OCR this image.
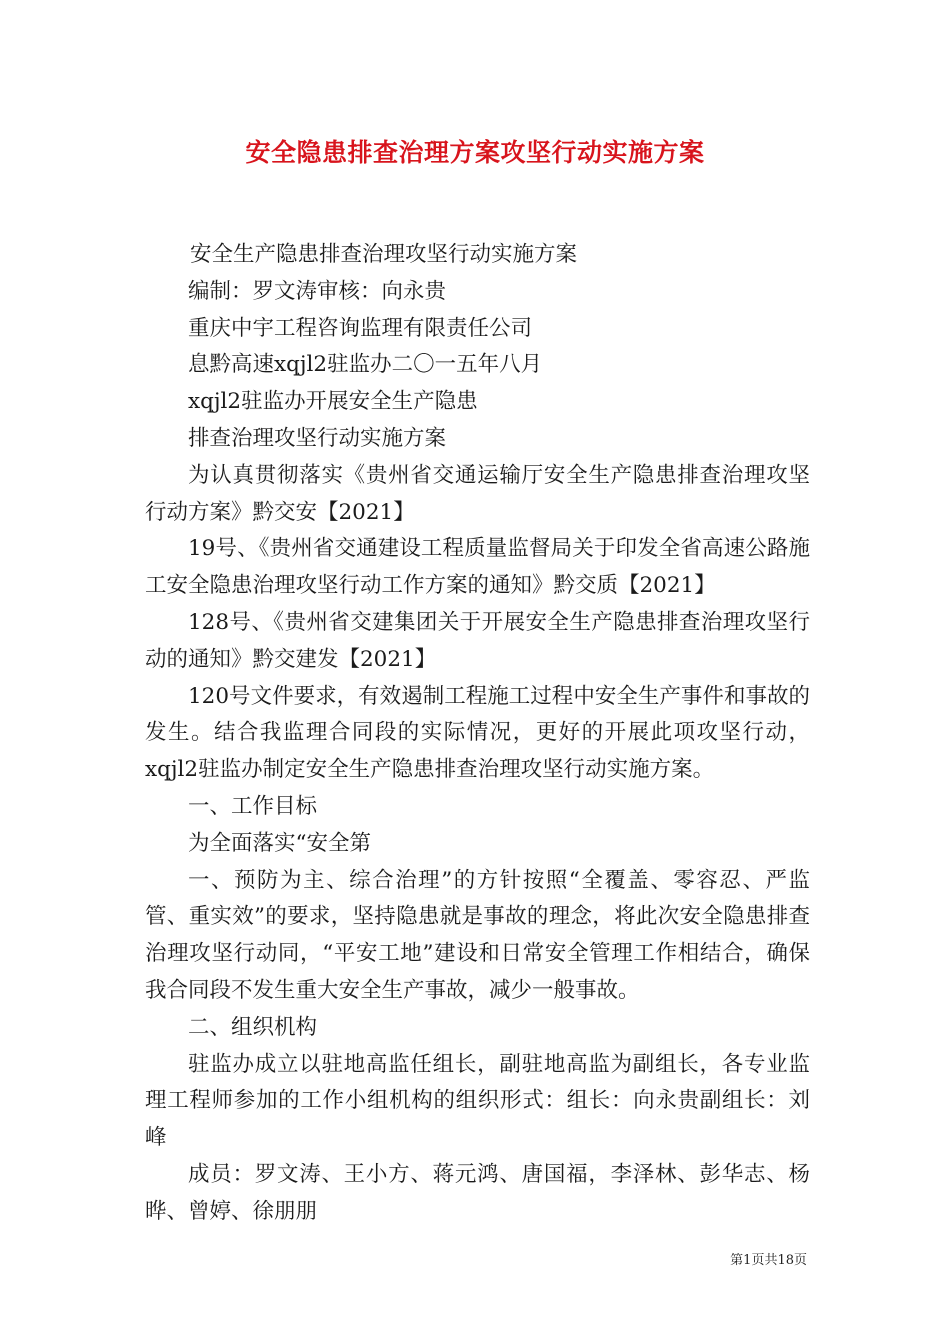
安全隐患排查治理方案攻坚行动实施方案

安全生产隐患排查治理攻坚行动实施方案

编制：罗文涛审核：向永贵

重庆中宇工程咨询监理有限责任公司

息黔高速xqjl2驻监办二〇一五年八月

xqjl2驻监办开展安全生产隐患

排查治理攻坚行动实施方案

为认真贯彻落实《贵州省交通运输厅安全生产隐患排查治理攻坚行动方案》黔交安【2021】

19号、《贵州省交通建设工程质量监督局关于印发全省高速公路施工安全隐患治理攻坚行动工作方案的通知》黔交质【2021】

128号、《贵州省交建集团关于开展安全生产隐患排查治理攻坚行动的通知》黔交建发【2021】

120号文件要求，有效遏制工程施工过程中安全生产事件和事故的发生。结合我监理合同段的实际情况，更好的开展此项攻坚行动，xqjl2驻监办制定安全生产隐患排查治理攻坚行动实施方案。

一、工作目标

为全面落实“安全第

一、预防为主、综合治理”的方针按照“全覆盖、零容忍、严监管、重实效”的要求，坚持隐患就是事故的理念，将此次安全隐患排查治理攻坚行动同，“平安工地”建设和日常安全管理工作相结合，确保我合同段不发生重大安全生产事故，减少一般事故。

二、组织机构

驻监办成立以驻地高监任组长，副驻地高监为副组长，各专业监理工程师参加的工作小组机构的组织形式：组长：向永贵副组长：刘峰

成员：罗文涛、王小方、蒋元鸿、唐国福，李泽林、彭华志、杨晔、曾婷、徐朋朋

第1页共18页
